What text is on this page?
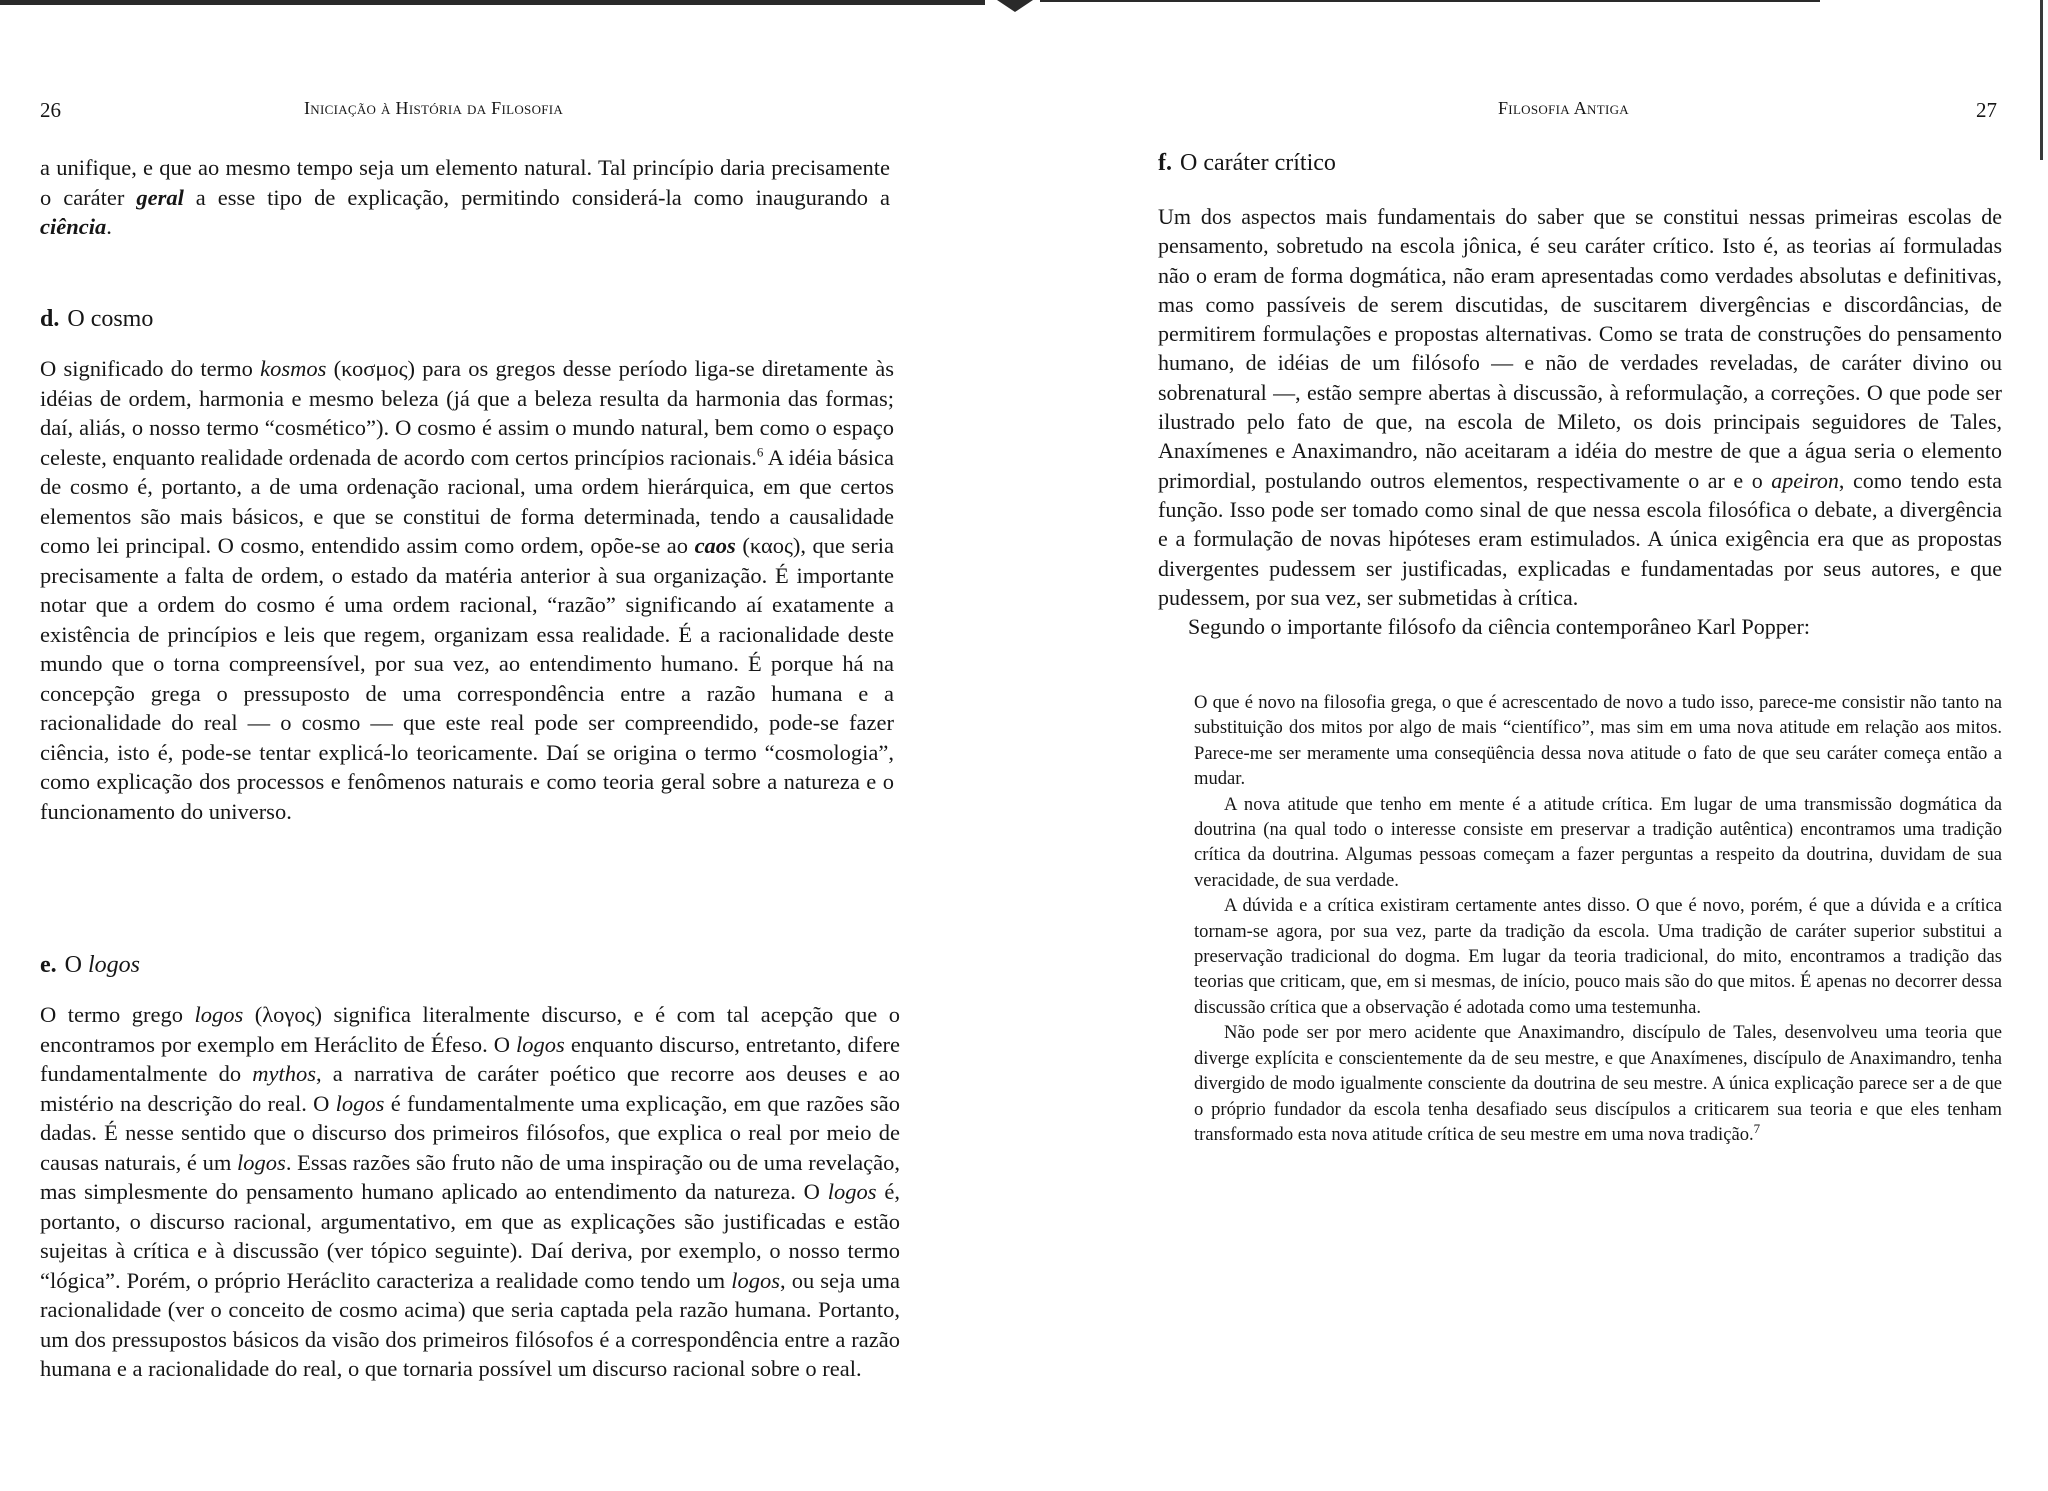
26	Iniciação à História da Filosofia

a unifique, e que ao mesmo tempo seja um elemento natural. Tal princípio daria precisamente o caráter geral a esse tipo de explicação, permitindo considerá-la como inaugurando a ciência.

d. O cosmo

O significado do termo kosmos (κοσμος) para os gregos desse período liga-se diretamente às idéias de ordem, harmonia e mesmo beleza (já que a beleza resulta da harmonia das formas; daí, aliás, o nosso termo “cosmético”). O cosmo é assim o mundo natural, bem como o espaço celeste, enquanto realidade ordenada de acordo com certos princípios racionais.$^6$ A idéia básica de cosmo é, portanto, a de uma ordenação racional, uma ordem hierárquica, em que certos elementos são mais básicos, e que se constitui de forma determinada, tendo a causalidade como lei principal. O cosmo, entendido assim como ordem, opõe-se ao caos (καος), que seria precisamente a falta de ordem, o estado da matéria anterior à sua organização. É importante notar que a ordem do cosmo é uma ordem racional, “razão” significando aí exatamente a existência de princípios e leis que regem, organizam essa realidade. É a racionalidade deste mundo que o torna compreensível, por sua vez, ao entendimento humano. É porque há na concepção grega o pressuposto de uma correspondência entre a razão humana e a racionalidade do real — o cosmo — que este real pode ser compreendido, pode-se fazer ciência, isto é, pode-se tentar explicá-lo teoricamente. Daí se origina o termo “cosmologia”, como explicação dos processos e fenômenos naturais e como teoria geral sobre a natureza e o funcionamento do universo.

e. O logos

O termo grego logos (λογος) significa literalmente discurso, e é com tal acepção que o encontramos por exemplo em Heráclito de Éfeso. O logos enquanto discurso, entretanto, difere fundamentalmente do mythos, a narrativa de caráter poético que recorre aos deuses e ao mistério na descrição do real. O logos é fundamentalmente uma explicação, em que razões são dadas. É nesse sentido que o discurso dos primeiros filósofos, que explica o real por meio de causas naturais, é um logos. Essas razões são fruto não de uma inspiração ou de uma revelação, mas simplesmente do pensamento humano aplicado ao entendimento da natureza. O logos é, portanto, o discurso racional, argumentativo, em que as explicações são justificadas e estão sujeitas à crítica e à discussão (ver tópico seguinte). Daí deriva, por exemplo, o nosso termo “lógica”. Porém, o próprio Heráclito caracteriza a realidade como tendo um logos, ou seja uma racionalidade (ver o conceito de cosmo acima) que seria captada pela razão humana. Portanto, um dos pressupostos básicos da visão dos primeiros filósofos é a correspondência entre a razão humana e a racionalidade do real, o que tornaria possível um discurso racional sobre o real.

Filosofia Antiga	27
f. O caráter crítico

Um dos aspectos mais fundamentais do saber que se constitui nessas primeiras escolas de pensamento, sobretudo na escola jônica, é seu caráter crítico. Isto é, as teorias aí formuladas não o eram de forma dogmática, não eram apresentadas como verdades absolutas e definitivas, mas como passíveis de serem discutidas, de suscitarem divergências e discordâncias, de permitirem formulações e propostas alternativas. Como se trata de construções do pensamento humano, de idéias de um filósofo — e não de verdades reveladas, de caráter divino ou sobrenatural —, estão sempre abertas à discussão, à reformulação, a correções. O que pode ser ilustrado pelo fato de que, na escola de Mileto, os dois principais seguidores de Tales, Anaxímenes e Anaximandro, não aceitaram a idéia do mestre de que a água seria o elemento primordial, postulando outros elementos, respectivamente o ar e o apeiron, como tendo esta função. Isso pode ser tomado como sinal de que nessa escola filosófica o debate, a divergência e a formulação de novas hipóteses eram estimulados. A única exigência era que as propostas divergentes pudessem ser justificadas, explicadas e fundamentadas por seus autores, e que pudessem, por sua vez, ser submetidas à crítica.

Segundo o importante filósofo da ciência contemporâneo Karl Popper:

O que é novo na filosofia grega, o que é acrescentado de novo a tudo isso, parece-me consistir não tanto na substituição dos mitos por algo de mais “científico”, mas sim em uma nova atitude em relação aos mitos. Parece-me ser meramente uma conseqüência dessa nova atitude o fato de que seu caráter começa então a mudar.

A nova atitude que tenho em mente é a atitude crítica. Em lugar de uma transmissão dogmática da doutrina (na qual todo o interesse consiste em preservar a tradição autêntica) encontramos uma tradição crítica da doutrina. Algumas pessoas começam a fazer perguntas a respeito da doutrina, duvidam de sua veracidade, de sua verdade.

A dúvida e a crítica existiram certamente antes disso. O que é novo, porém, é que a dúvida e a crítica tornam-se agora, por sua vez, parte da tradição da escola. Uma tradição de caráter superior substitui a preservação tradicional do dogma. Em lugar da teoria tradicional, do mito, encontramos a tradição das teorias que criticam, que, em si mesmas, de início, pouco mais são do que mitos. É apenas no decorrer dessa discussão crítica que a observação é adotada como uma testemunha.

Não pode ser por mero acidente que Anaximandro, discípulo de Tales, desenvolveu uma teoria que diverge explícita e conscientemente da de seu mestre, e que Anaxímenes, discípulo de Anaximandro, tenha divergido de modo igualmente consciente da doutrina de seu mestre. A única explicação parece ser a de que o próprio fundador da escola tenha desafiado seus discípulos a criticarem sua teoria e que eles tenham transformado esta nova atitude crítica de seu mestre em uma nova tradição.$^7$
